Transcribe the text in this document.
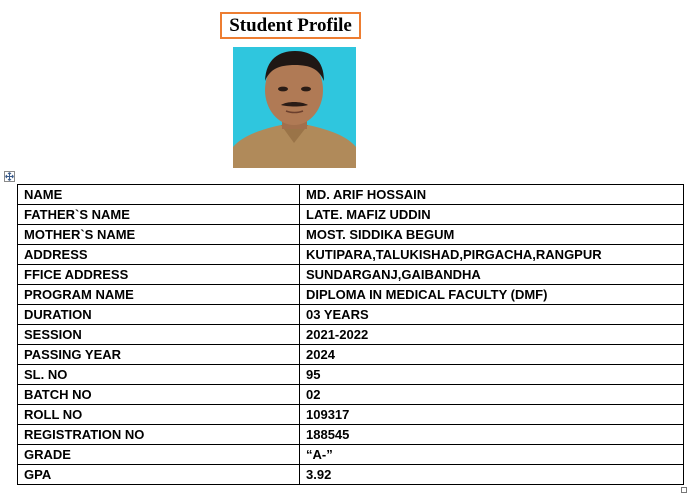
Student Profile
NAME	MD. ARIF HOSSAIN
FATHER`S NAME	LATE. MAFIZ UDDIN
MOTHER`S NAME	MOST. SIDDIKA BEGUM
ADDRESS	KUTIPARA,TALUKISHAD,PIRGACHA,RANGPUR
FFICE ADDRESS	SUNDARGANJ,GAIBANDHA
PROGRAM NAME	DIPLOMA IN MEDICAL FACULTY (DMF)
DURATION	03 YEARS
SESSION	2021-2022
PASSING YEAR	2024
SL. NO	95
BATCH NO	02
ROLL NO	109317
REGISTRATION NO	188545
GRADE	“A-”
GPA	3.92
